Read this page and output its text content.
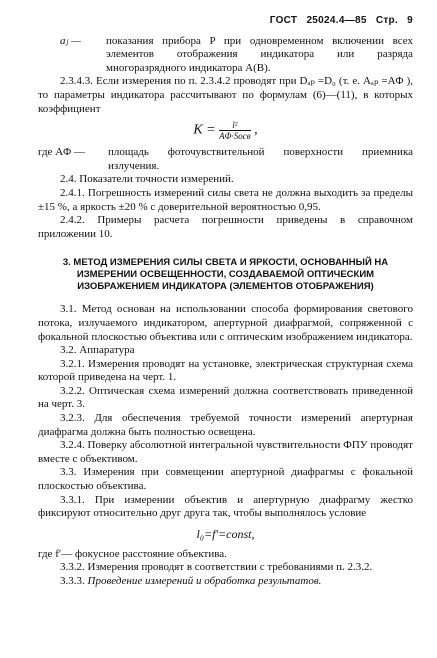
ГОСТ 25024.4—85 Стр. 9
aⱼ —	показания прибора P при одновременном включении всех элементов отображения индикатора или разряда многоразрядного индикатора A(B).

2.3.4.3. Если измерения по п. 2.3.4.2 проводят при Dₐₚ =D₀ (т. е. Aₐₚ =AΦ ), то параметры индикатора рассчитывают по формулам (6)—(11), в которых коэффициент

$K = \frac{\text{l²}}{\text{AΦ·Sосв}}$ ,
где AΦ —	площадь фоточувствительной поверхности приемника излучения.

2.4. Показатели точности измерений.

2.4.1. Погрешность измерений силы света не должна выходить за пределы ±15 %, а яркость ±20 % с доверительной вероятностью 0,95.

2.4.2. Примеры расчета погрешности приведены в справочном приложении 10.

3. МЕТОД ИЗМЕРЕНИЯ СИЛЫ СВЕТА И ЯРКОСТИ, ОСНОВАННЫЙ НА ИЗМЕРЕНИИ ОСВЕЩЕННОСТИ, СОЗДАВАЕМОЙ ОПТИЧЕСКИМ ИЗОБРАЖЕНИЕМ ИНДИКАТОРА (ЭЛЕМЕНТОВ ОТОБРАЖЕНИЯ)

3.1. Метод основан на использовании способа формирования светового потока, излучаемого индикатором, апертурной диафрагмой, сопряженной с фокальной плоскостью объектива или с оптическим изображением индикатора.

3.2. Аппаратура

3.2.1. Измерения проводят на установке, электрическая структурная схема которой приведена на черт. 1.

3.2.2. Оптическая схема измерений должна соответствовать приведенной на черт. 3.

3.2.3. Для обеспечения требуемой точности измерений апертурная диафрагма должна быть полностью освещена.

3.2.4. Поверку абсолютной интегральной чувствительности ФПУ проводят вместе с объективом.

3.3. Измерения при совмещении апертурной диафрагмы с фокальной плоскостью объектива.

3.3.1. При измерении объектив и апертурную диафрагму жестко фиксируют относительно друг друга так, чтобы выполнялось условие

l₀=f′=const,

где f′— фокусное расстояние объектива.

3.3.2. Измерения проводят в соответствии с требованиями п. 2.3.2.

3.3.3. Проведение измерений и обработка результатов.
